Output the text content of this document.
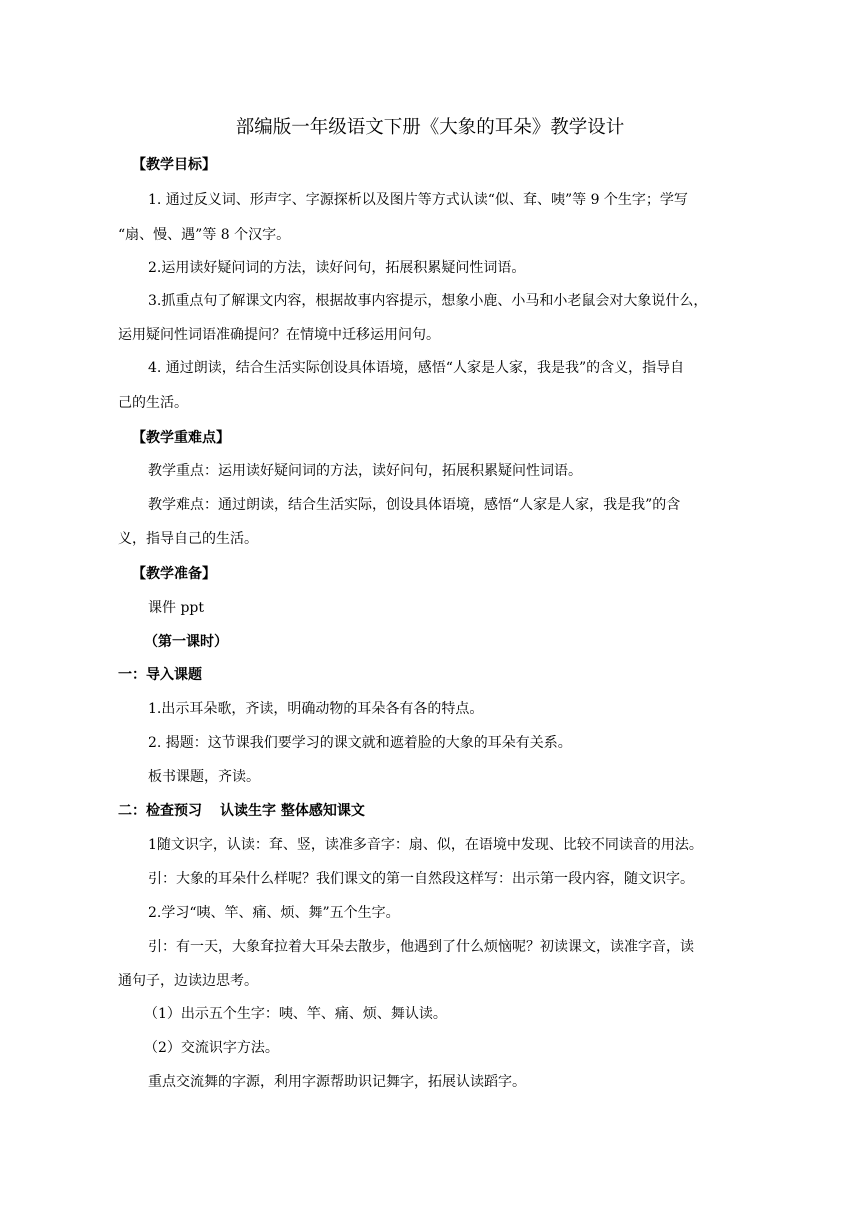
部编版一年级语文下册《大象的耳朵》教学设计
【教学目标】
1. 通过反义词、形声字、字源探析以及图片等方式认读“似、耷、咦”等 9 个生字；学写
“扇、慢、遇”等 8 个汉字。
2.运用读好疑问词的方法，读好问句，拓展积累疑问性词语。
3.抓重点句了解课文内容，根据故事内容提示，想象小鹿、小马和小老鼠会对大象说什么，
运用疑问性词语准确提问？在情境中迁移运用问句。
4. 通过朗读，结合生活实际创设具体语境，感悟“人家是人家，我是我”的含义，指导自
己的生活。
【教学重难点】
教学重点：运用读好疑问词的方法，读好问句，拓展积累疑问性词语。
教学难点：通过朗读，结合生活实际，创设具体语境，感悟“人家是人家，我是我”的含
义，指导自己的生活。
【教学准备】
课件 ppt
（第一课时）
一：导入课题
1.出示耳朵歌，齐读，明确动物的耳朵各有各的特点。
2. 揭题：这节课我们要学习的课文就和遮着脸的大象的耳朵有关系。
板书课题，齐读。
二：检查预习 认读生字 整体感知课文
1随文识字，认读：耷、竖，读准多音字：扇、似，在语境中发现、比较不同读音的用法。
引：大象的耳朵什么样呢？我们课文的第一自然段这样写：出示第一段内容，随文识字。
2.学习“咦、竿、痛、烦、舞”五个生字。
引：有一天，大象耷拉着大耳朵去散步，他遇到了什么烦恼呢？初读课文，读准字音，读
通句子，边读边思考。
（1）出示五个生字：咦、竿、痛、烦、舞认读。
（2）交流识字方法。
重点交流舞的字源，利用字源帮助识记舞字，拓展认读蹈字。
